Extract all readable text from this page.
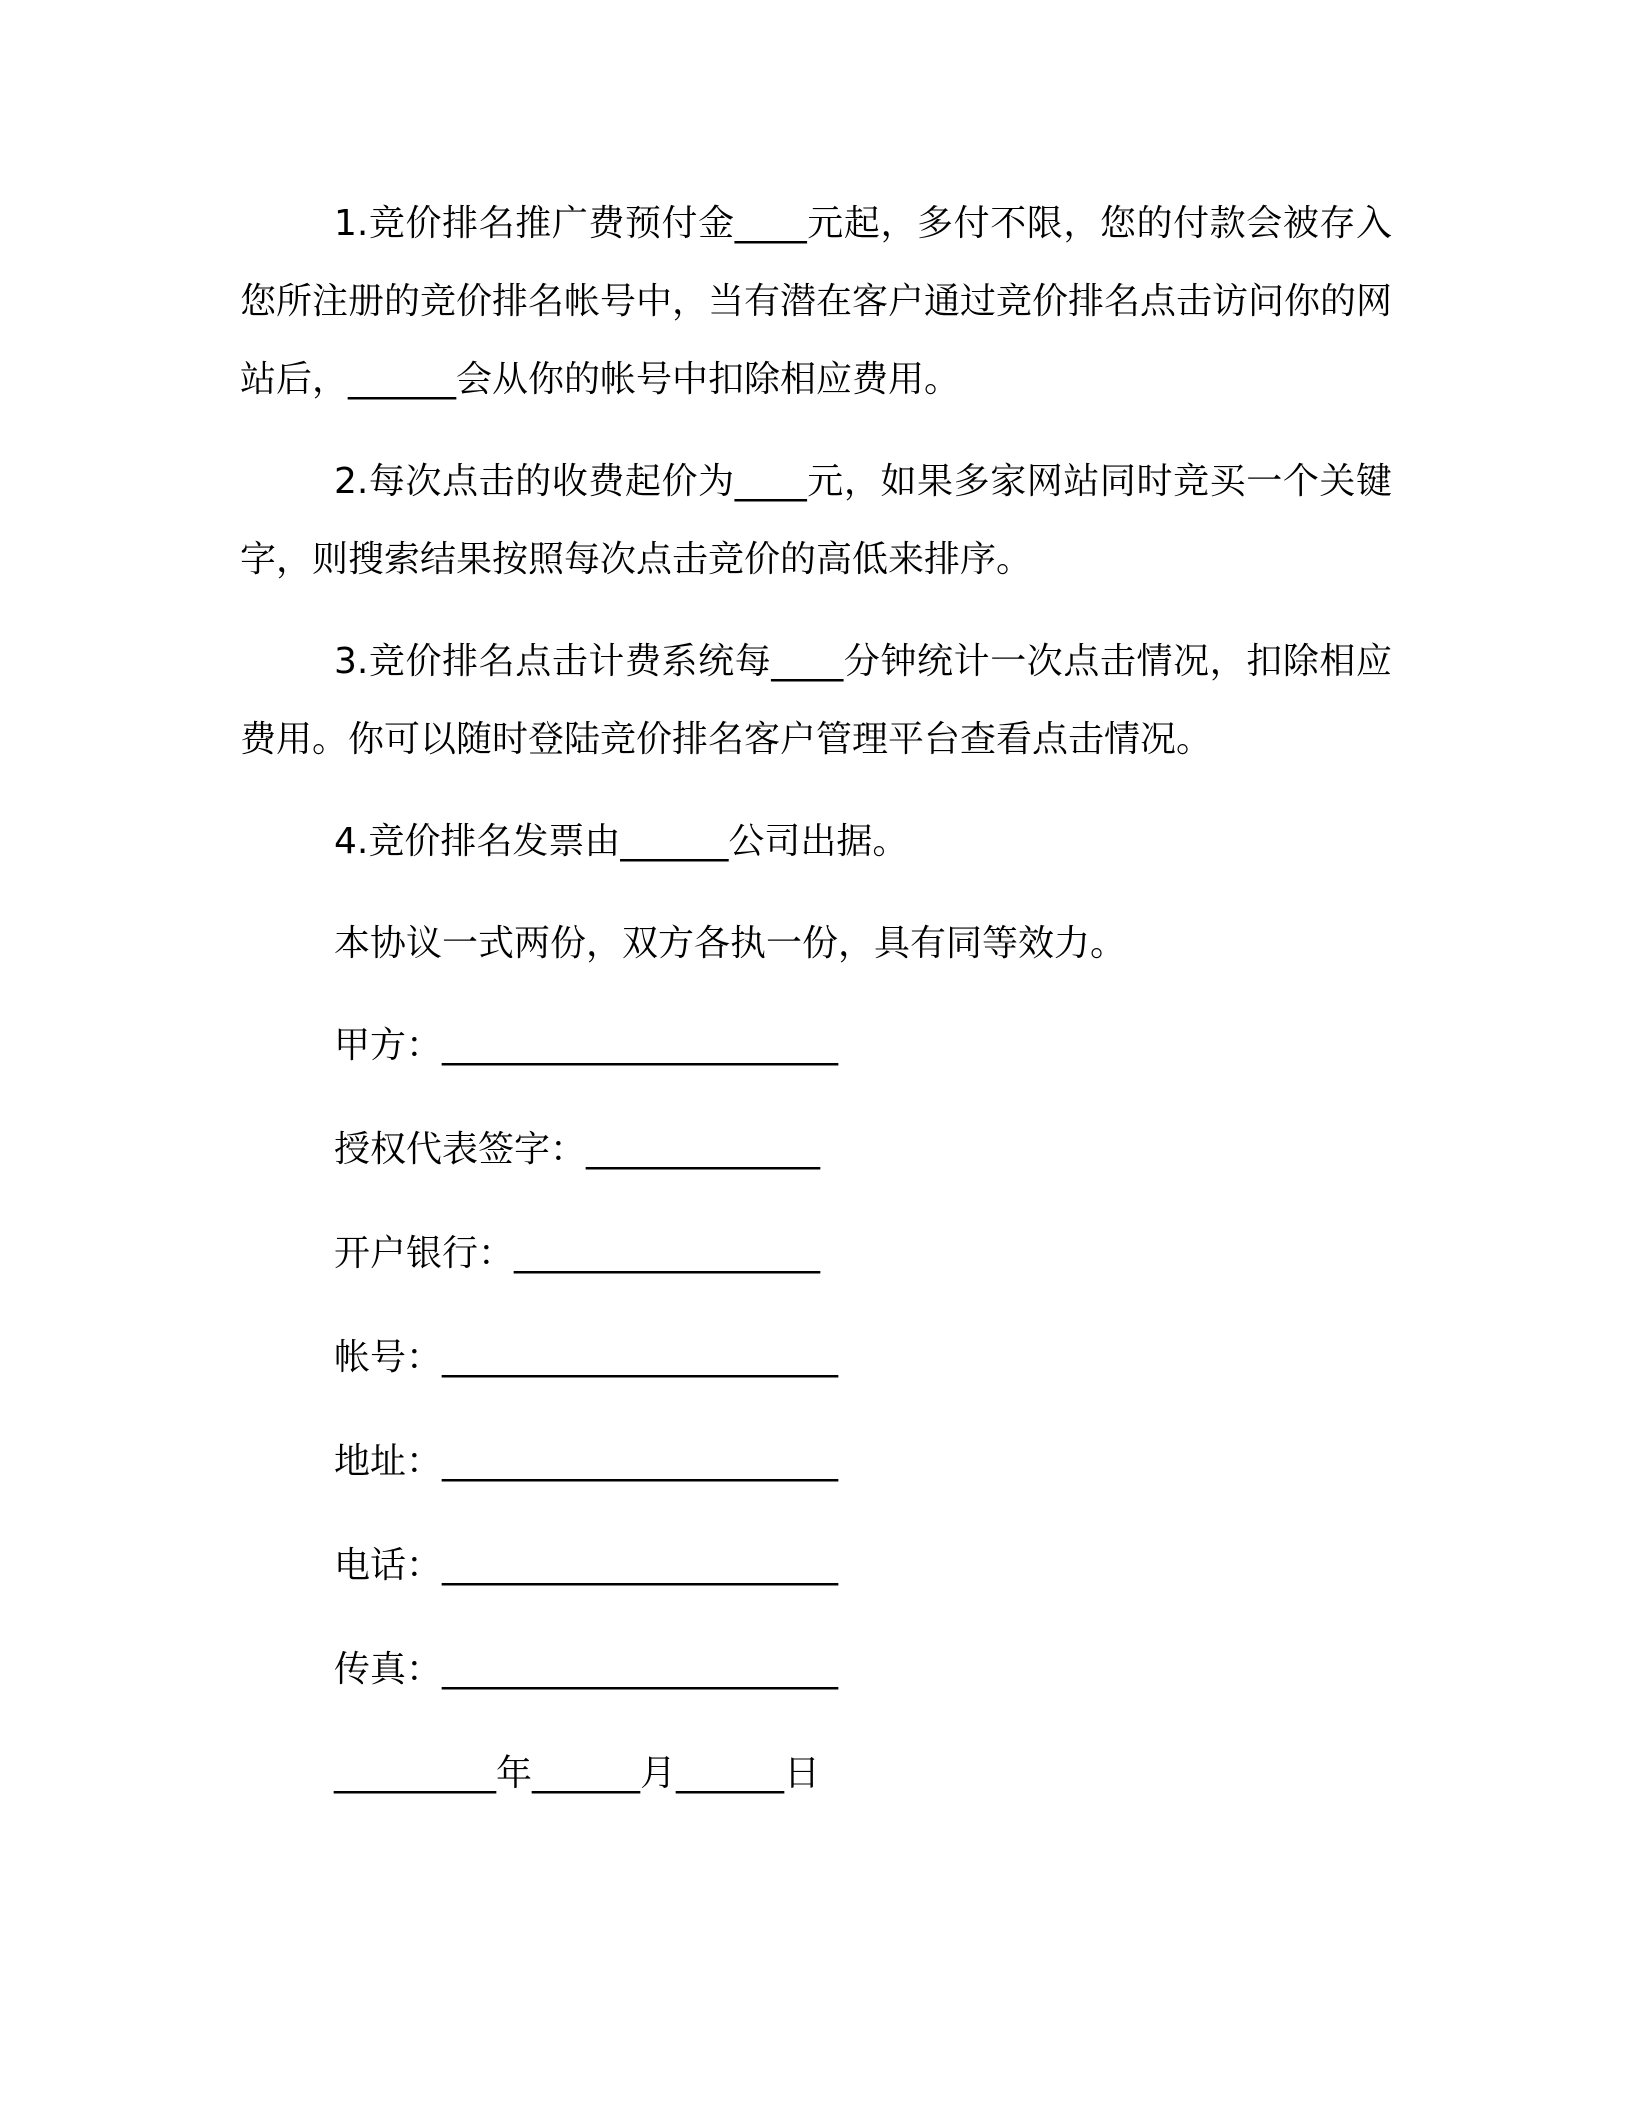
1.竞价排名推广费预付金____元起，多付不限，您的付款会被存入您所注册的竞价排名帐号中，当有潜在客户通过竞价排名点击访问你的网站后，______会从你的帐号中扣除相应费用。

2.每次点击的收费起价为____元，如果多家网站同时竞买一个关键字，则搜索结果按照每次点击竞价的高低来排序。

3.竞价排名点击计费系统每____分钟统计一次点击情况，扣除相应费用。你可以随时登陆竞价排名客户管理平台查看点击情况。

4.竞价排名发票由______公司出据。

本协议一式两份，双方各执一份，具有同等效力。

甲方：______________________
授权代表签字：_____________
开户银行：_________________
帐号：______________________
地址：______________________
电话：______________________
传真：______________________
_________年______月______日
